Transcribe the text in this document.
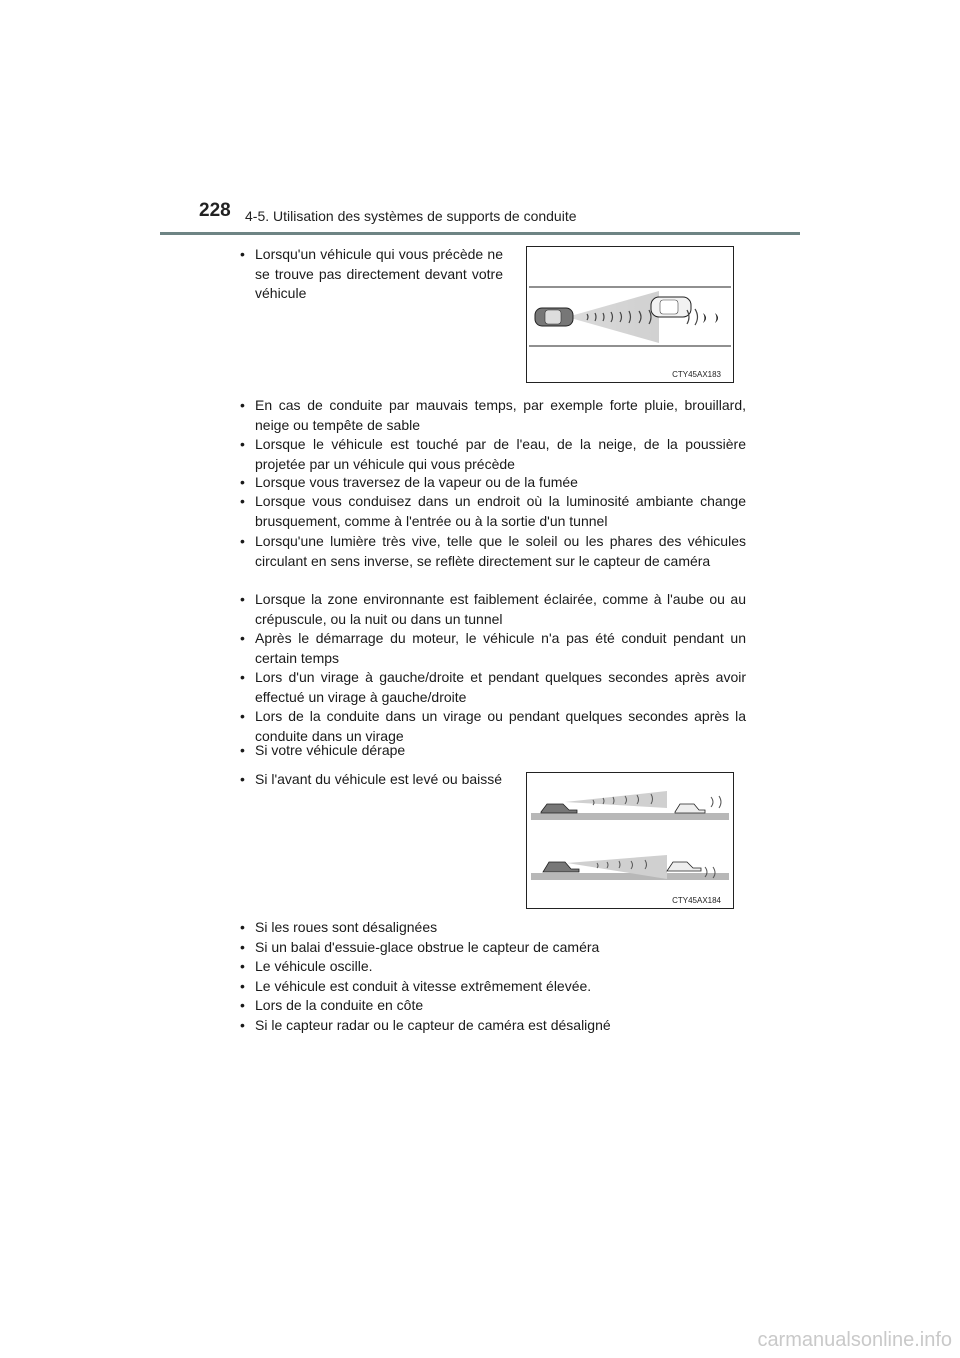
228 4-5. Utilisation des systèmes de supports de conduite
• Lorsqu'un véhicule qui vous précède ne se trouve pas directement devant votre véhicule
CTY45AX183
• En cas de conduite par mauvais temps, par exemple forte pluie, brouillard, neige ou tempête de sable
• Lorsque le véhicule est touché par de l'eau, de la neige, de la poussière projetée par un véhicule qui vous précède
• Lorsque vous traversez de la vapeur ou de la fumée
• Lorsque vous conduisez dans un endroit où la luminosité ambiante change brusquement, comme à l'entrée ou à la sortie d'un tunnel
• Lorsqu'une lumière très vive, telle que le soleil ou les phares des véhicules circulant en sens inverse, se reflète directement sur le capteur de caméra
• Lorsque la zone environnante est faiblement éclairée, comme à l'aube ou au crépuscule, ou la nuit ou dans un tunnel
• Après le démarrage du moteur, le véhicule n'a pas été conduit pendant un certain temps
• Lors d'un virage à gauche/droite et pendant quelques secondes après avoir effectué un virage à gauche/droite
• Lors de la conduite dans un virage ou pendant quelques secondes après la conduite dans un virage
• Si votre véhicule dérape
• Si l'avant du véhicule est levé ou baissé
CTY45AX184
• Si les roues sont désalignées
• Si un balai d'essuie-glace obstrue le capteur de caméra
• Le véhicule oscille.
• Le véhicule est conduit à vitesse extrêmement élevée.
• Lors de la conduite en côte
• Si le capteur radar ou le capteur de caméra est désaligné
carmanualsonline.info
